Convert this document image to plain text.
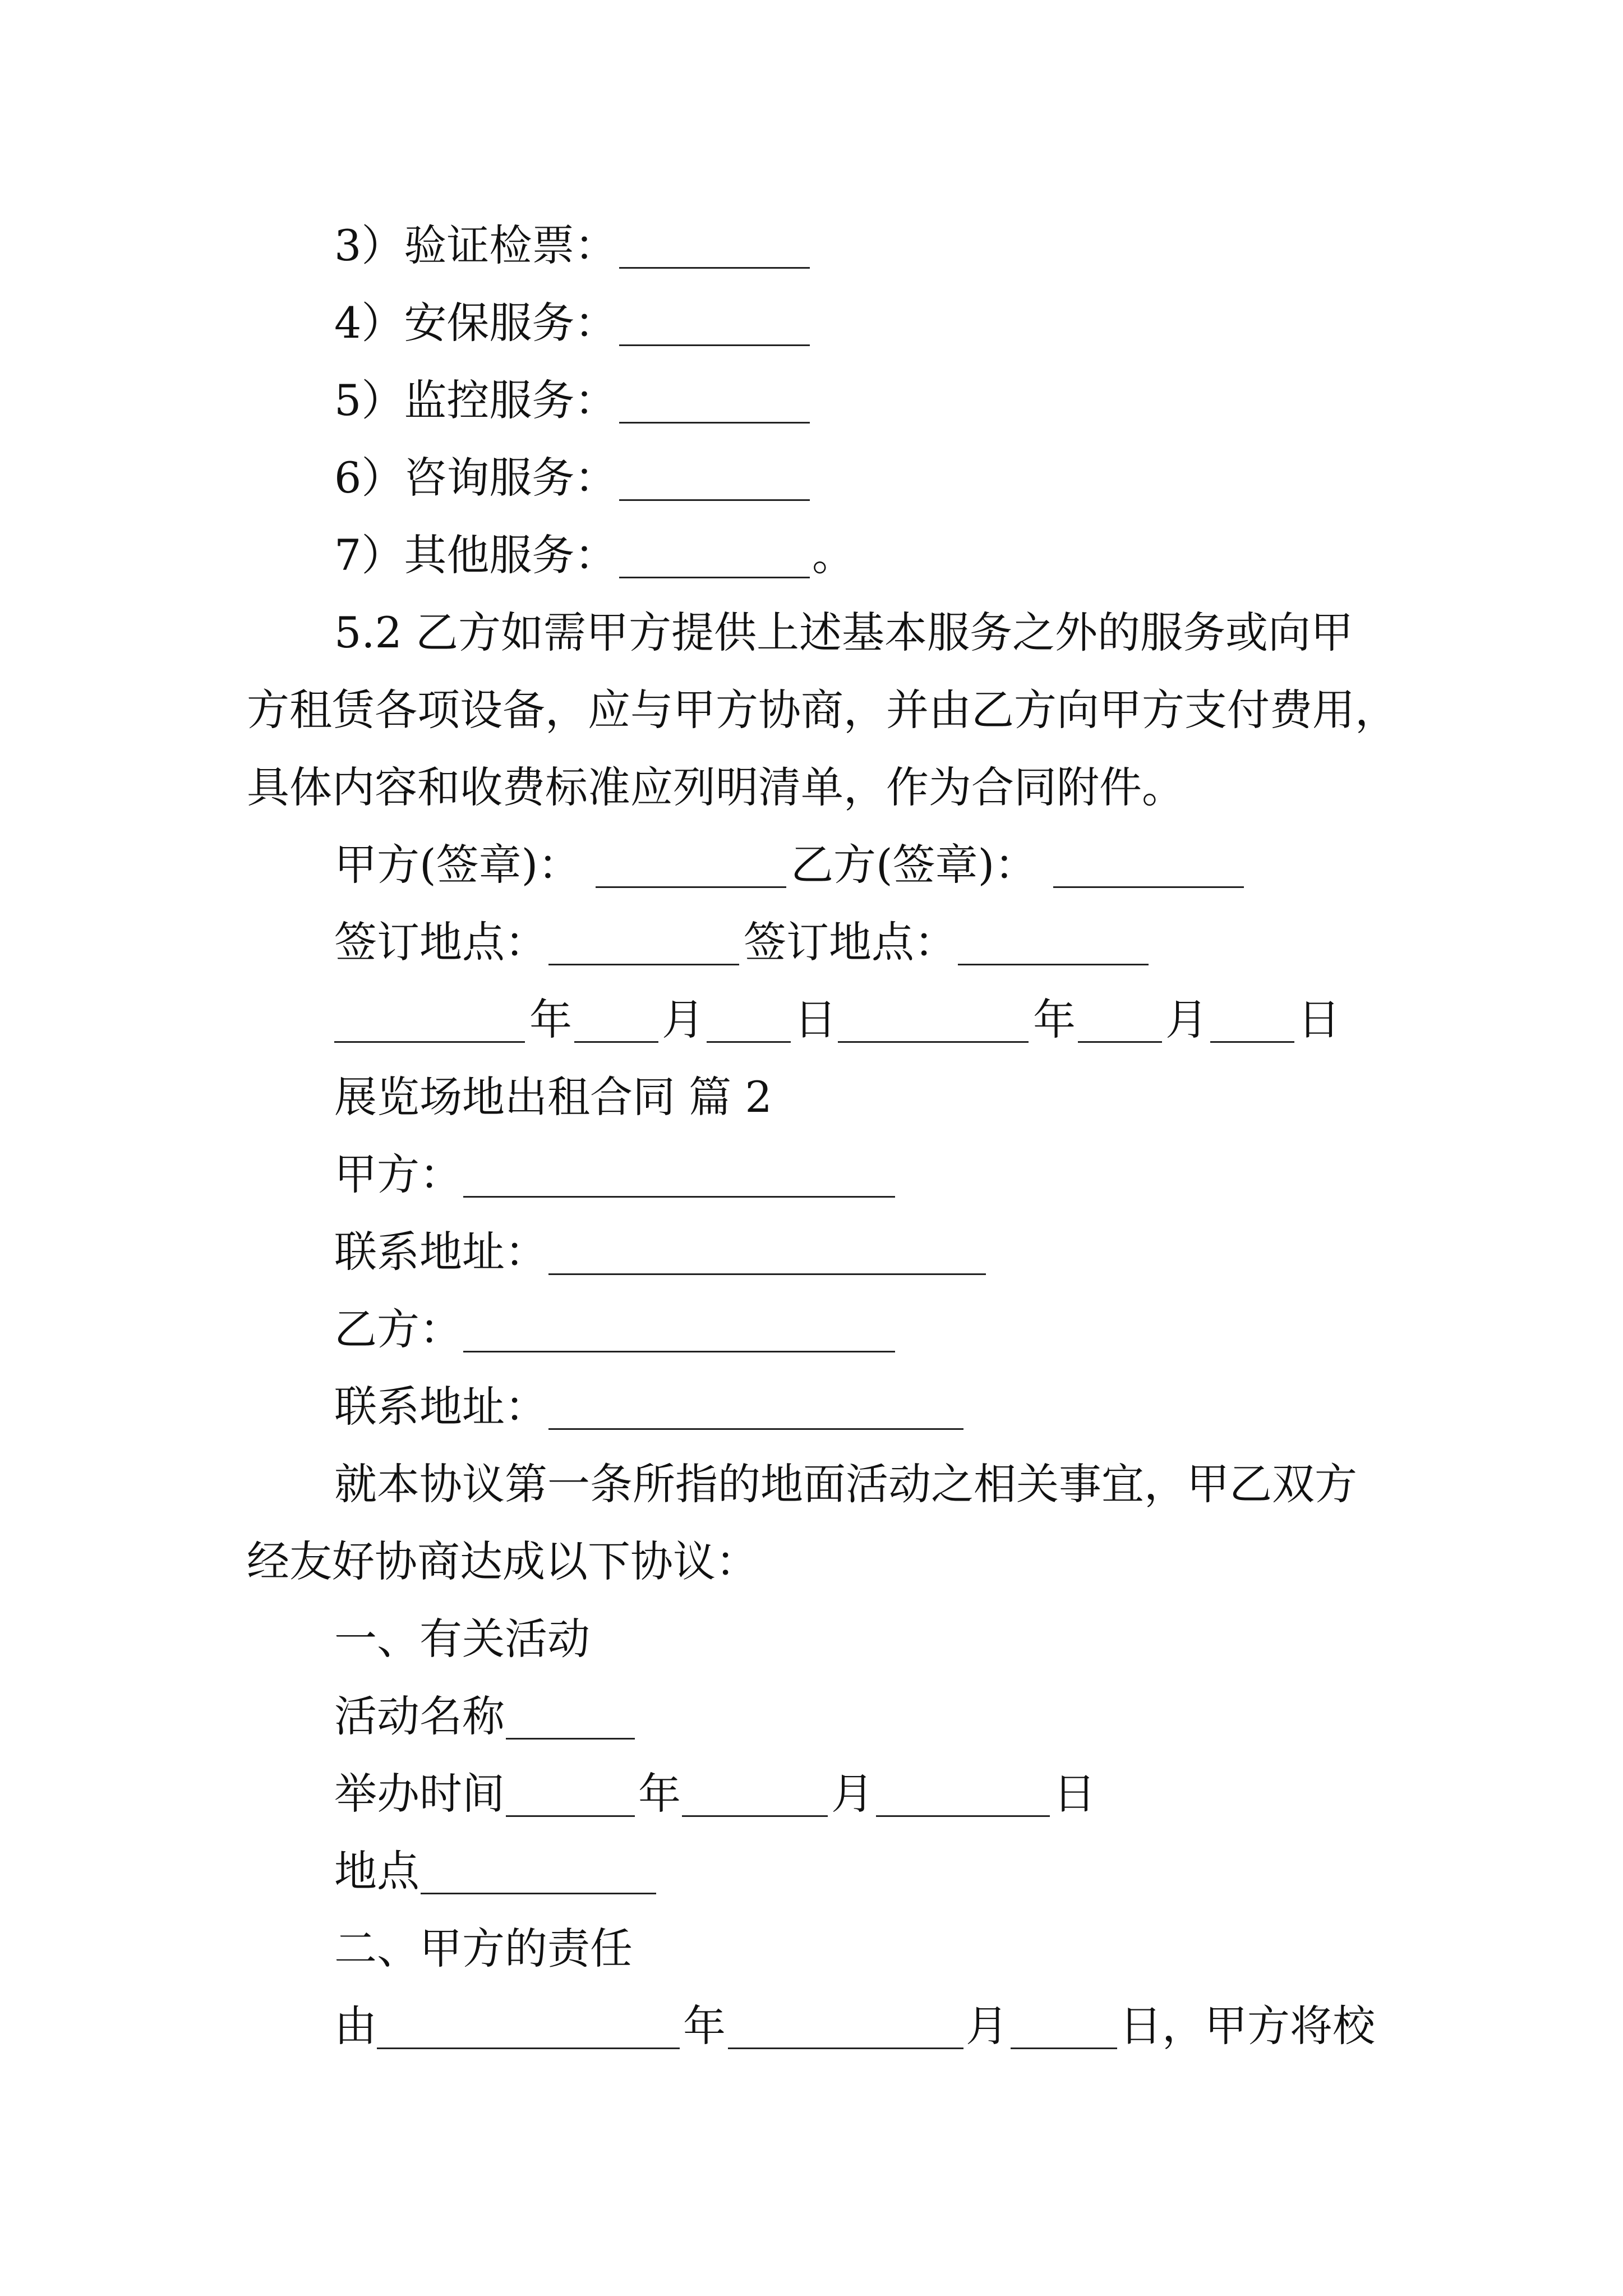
3）验证检票：
4）安保服务：
5）监控服务：
6）咨询服务：
7）其他服务：	。
5.2 乙方如需甲方提供上述基本服务之外的服务或向甲
方租赁各项设备，应与甲方协商，并由乙方向甲方支付费用，
具体内容和收费标准应列明清单，作为合同附件。
甲方(签章)：	乙方(签章)：
签订地点：	签订地点：
年 月 日	年 月 日
展览场地出租合同 篇 2
甲方：
联系地址：
乙方：
联系地址：
就本协议第一条所指的地面活动之相关事宜，甲乙双方
经友好协商达成以下协议：
一、有关活动
活动名称
举办时间	年	月	日
地点
二、甲方的责任
由	年	月	日，甲方将校
